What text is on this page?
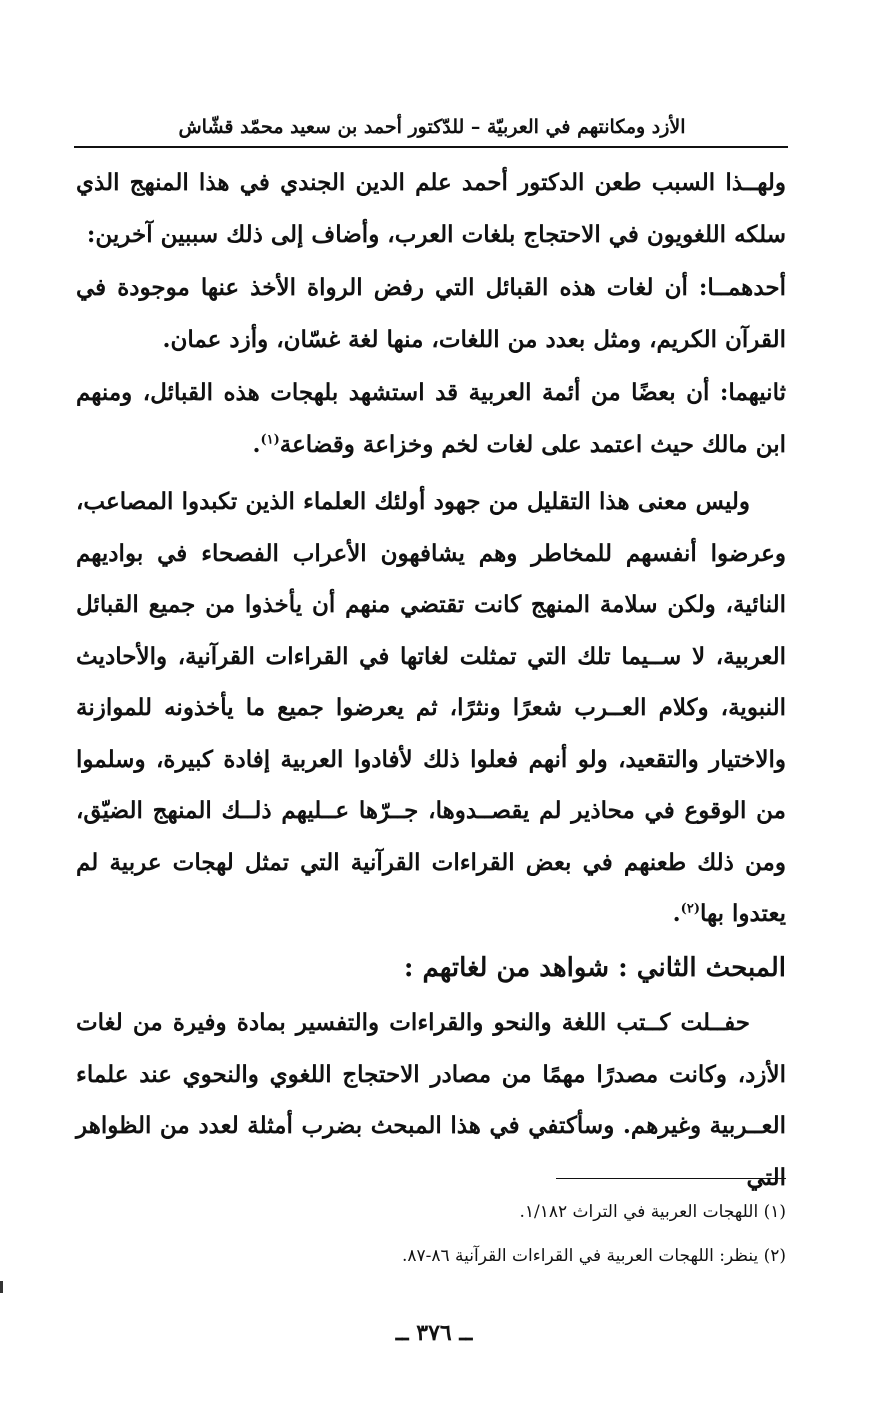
الأزد ومكانتهم في العربيّة – للدّكتور أحمد بن سعيد محمّد قشّاش

ولهــذا السبب طعن الدكتور أحمد علم الدين الجندي في هذا المنهج الذي سلكه اللغويون في الاحتجاج بلغات العرب، وأضاف إلى ذلك سببين آخرين:

أحدهمــا: أن لغات هذه القبائل التي رفض الرواة الأخذ عنها موجودة في القرآن الكريم، ومثل بعدد من اللغات، منها لغة غسّان، وأزد عمان.

ثانيهما: أن بعضًا من أئمة العربية قد استشهد بلهجات هذه القبائل، ومنهم ابن مالك حيث اعتمد على لغات لخم وخزاعة وقضاعة$^{(١)}$.

وليس معنى هذا التقليل من جهود أولئك العلماء الذين تكبدوا المصاعب، وعرضوا أنفسهم للمخاطر وهم يشافهون الأعراب الفصحاء في بواديهم النائية، ولكن سلامة المنهج كانت تقتضي منهم أن يأخذوا من جميع القبائل العربية، لا ســيما تلك التي تمثلت لغاتها في القراءات القرآنية، والأحاديث النبوية، وكلام العــرب شعرًا ونثرًا، ثم يعرضوا جميع ما يأخذونه للموازنة والاختيار والتقعيد، ولو أنهم فعلوا ذلك لأفادوا العربية إفادة كبيرة، وسلموا من الوقوع في محاذير لم يقصــدوها، جــرّها عــليهم ذلــك المنهج الضيّق، ومن ذلك طعنهم في بعض القراءات القرآنية التي تمثل لهجات عربية لم يعتدوا بها$^{(٢)}$.

المبحث الثاني : شواهد من لغاتهم :

حفــلت كــتب اللغة والنحو والقراءات والتفسير بمادة وفيرة من لغات الأزد، وكانت مصدرًا مهمًا من مصادر الاحتجاج اللغوي والنحوي عند علماء العــربية وغيرهم. وسأكتفي في هذا المبحث بضرب أمثلة لعدد من الظواهر التي

(١) اللهجات العربية في التراث ١/١٨٢.

(٢) ينظر: اللهجات العربية في القراءات القرآنية ٨٦-٨٧.

ــ ٣٧٦ ــ
